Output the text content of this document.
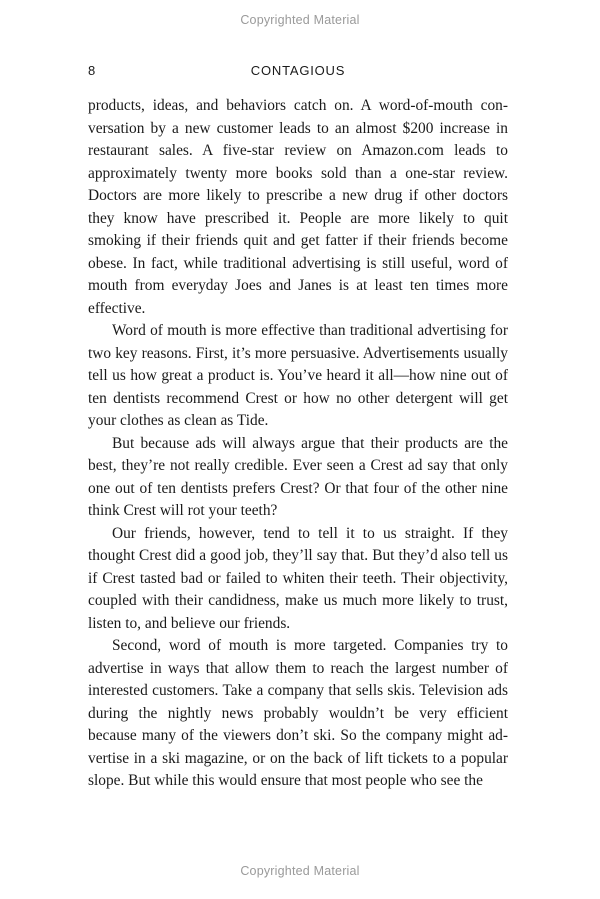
Copyrighted Material
8	CONTAGIOUS

products, ideas, and behaviors catch on. A word-of-mouth conversation by a new customer leads to an almost $200 increase in restaurant sales. A five-star review on Amazon.com leads to approximately twenty more books sold than a one-star review. Doctors are more likely to prescribe a new drug if other doctors they know have prescribed it. People are more likely to quit smoking if their friends quit and get fatter if their friends become obese. In fact, while traditional advertising is still useful, word of mouth from everyday Joes and Janes is at least ten times more effective.

Word of mouth is more effective than traditional advertising for two key reasons. First, it’s more persuasive. Advertisements usually tell us how great a product is. You’ve heard it all—how nine out of ten dentists recommend Crest or how no other detergent will get your clothes as clean as Tide.

But because ads will always argue that their products are the best, they’re not really credible. Ever seen a Crest ad say that only one out of ten dentists prefers Crest? Or that four of the other nine think Crest will rot your teeth?

Our friends, however, tend to tell it to us straight. If they thought Crest did a good job, they’ll say that. But they’d also tell us if Crest tasted bad or failed to whiten their teeth. Their objectivity, coupled with their candidness, make us much more likely to trust, listen to, and believe our friends.

Second, word of mouth is more targeted. Companies try to advertise in ways that allow them to reach the largest number of interested customers. Take a company that sells skis. Television ads during the nightly news probably wouldn’t be very efficient because many of the viewers don’t ski. So the company might advertise in a ski magazine, or on the back of lift tickets to a popular slope. But while this would ensure that most people who see the

Copyrighted Material
